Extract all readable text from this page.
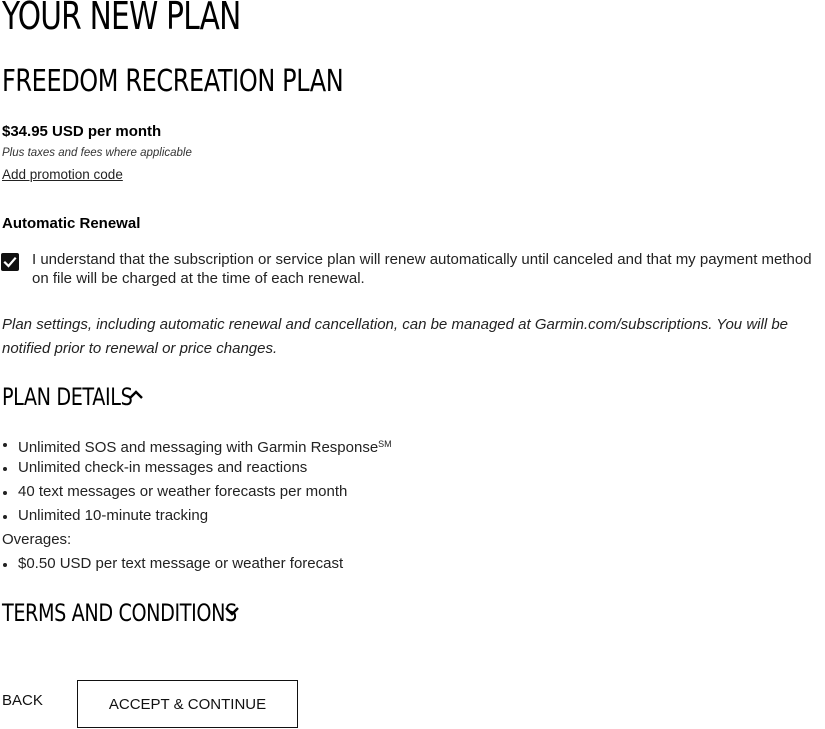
YOUR NEW PLAN
FREEDOM RECREATION PLAN
$34.95 USD per month
Plus taxes and fees where applicable
Add promotion code
Automatic Renewal
I understand that the subscription or service plan will renew automatically until canceled and that my payment method on file will be charged at the time of each renewal.
Plan settings, including automatic renewal and cancellation, can be managed at Garmin.com/subscriptions. You will be notified prior to renewal or price changes.
PLAN DETAILS
Unlimited SOS and messaging with Garmin Response℠
Unlimited check-in messages and reactions
40 text messages or weather forecasts per month
Unlimited 10-minute tracking
Overages:
$0.50 USD per text message or weather forecast
TERMS AND CONDITIONS
BACK	ACCEPT & CONTINUE
